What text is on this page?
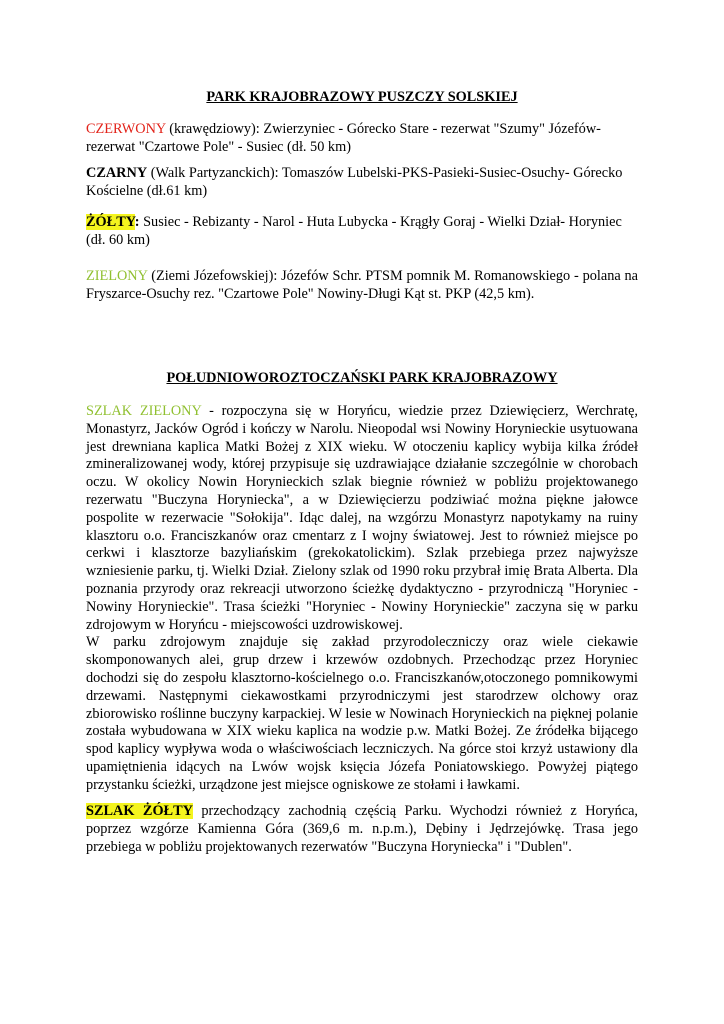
PARK KRAJOBRAZOWY PUSZCZY SOLSKIEJ
CZERWONY (krawędziowy): Zwierzyniec - Górecko Stare - rezerwat "Szumy" Józefów-rezerwat "Czartowe Pole" - Susiec (dł. 50 km)
CZARNY (Walk Partyzanckich): Tomaszów Lubelski-PKS-Pasieki-Susiec-Osuchy- Górecko Kościelne (dł.61 km)
ŻÓŁTY: Susiec - Rebizanty - Narol - Huta Lubycka - Krągły Goraj - Wielki Dział- Horyniec (dł. 60 km)
ZIELONY (Ziemi Józefowskiej): Józefów Schr. PTSM pomnik M. Romanowskiego - polana na Fryszarce-Osuchy rez. "Czartowe Pole" Nowiny-Długi Kąt st. PKP (42,5 km).
POŁUDNIOWOROZTOCZAŃSKI PARK KRAJOBRAZOWY

SZLAK ZIELONY - rozpoczyna się w Horyńcu, wiedzie przez Dziewięcierz, Werchratę, Monastyrz, Jacków Ogród i kończy w Narolu. Nieopodal wsi Nowiny Horynieckie usytuowana jest drewniana kaplica Matki Bożej z XIX wieku. W otoczeniu kaplicy wybija kilka źródeł zmineralizowanej wody, której przypisuje się uzdrawiające działanie szczególnie w chorobach oczu. W okolicy Nowin Horynieckich szlak biegnie również w pobliżu projektowanego rezerwatu "Buczyna Horyniecka", a w Dziewięcierzu podziwiać można piękne jałowce pospolite w rezerwacie "Sołokija". Idąc dalej, na wzgórzu Monastyrz napotykamy na ruiny klasztoru o.o. Franciszkanów oraz cmentarz z I wojny światowej. Jest to również miejsce po cerkwi i klasztorze bazyliańskim (grekokatolickim). Szlak przebiega przez najwyższe wzniesienie parku, tj. Wielki Dział. Zielony szlak od 1990 roku przybrał imię Brata Alberta. Dla poznania przyrody oraz rekreacji utworzono ścieżkę dydaktyczno - przyrodniczą "Horyniec - Nowiny Horynieckie". Trasa ścieżki "Horyniec - Nowiny Horynieckie" zaczyna się w parku zdrojowym w Horyńcu - miejscowości uzdrowiskowej.

W parku zdrojowym znajduje się zakład przyrodoleczniczy oraz wiele ciekawie skomponowanych alei, grup drzew i krzewów ozdobnych. Przechodząc przez Horyniec dochodzi się do zespołu klasztorno-kościelnego o.o. Franciszkanów,otoczonego pomnikowymi drzewami. Następnymi ciekawostkami przyrodniczymi jest starodrzew olchowy oraz zbiorowisko roślinne buczyny karpackiej. W lesie w Nowinach Horynieckich na pięknej polanie została wybudowana w XIX wieku kaplica na wodzie p.w. Matki Bożej. Ze źródełka bijącego spod kaplicy wypływa woda o właściwościach leczniczych. Na górce stoi krzyż ustawiony dla upamiętnienia idących na Lwów wojsk księcia Józefa Poniatowskiego. Powyżej piątego przystanku ścieżki, urządzone jest miejsce ogniskowe ze stołami i ławkami.

SZLAK ŻÓŁTY przechodzący zachodnią częścią Parku. Wychodzi również z Horyńca, poprzez wzgórze Kamienna Góra (369,6 m. n.p.m.), Dębiny i Jędrzejówkę. Trasa jego przebiega w pobliżu projektowanych rezerwatów "Buczyna Horyniecka" i "Dublen".
